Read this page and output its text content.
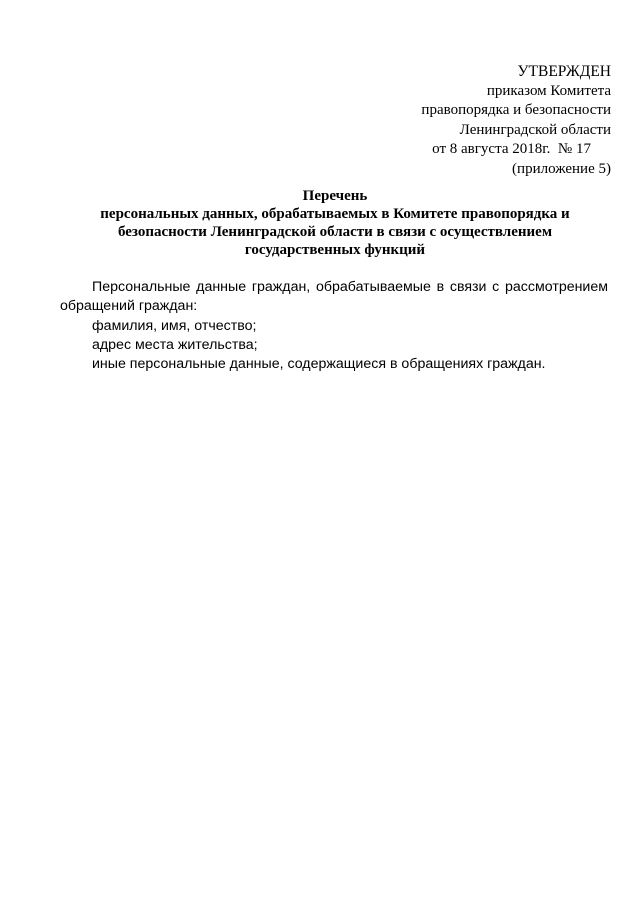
УТВЕРЖДЕН
приказом Комитета
правопорядка и безопасности
Ленинградской области
от 8 августа 2018г.  № 17
(приложение 5)
Перечень
персональных данных, обрабатываемых в Комитете правопорядка и
безопасности Ленинградской области в связи с осуществлением
государственных функций

Персональные данные граждан, обрабатываемые в связи с рассмотрением обращений граждан:

фамилия, имя, отчество;

адрес места жительства;

иные персональные данные, содержащиеся в обращениях граждан.
